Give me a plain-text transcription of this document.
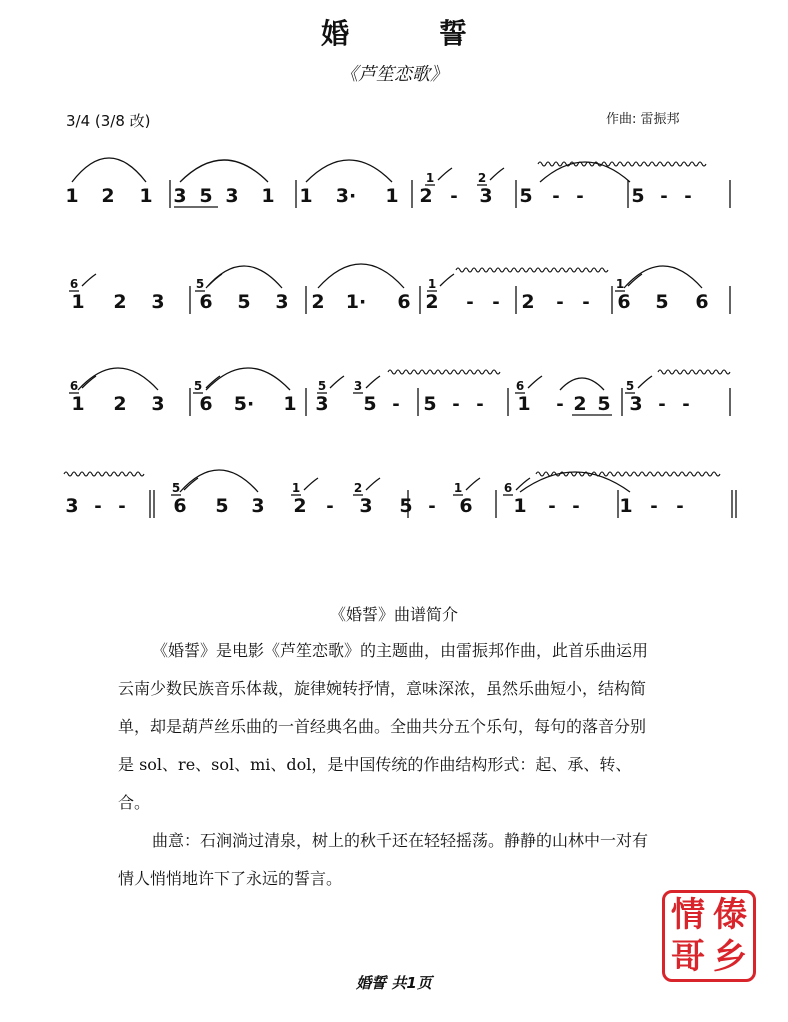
婚 誓
《芦笙恋歌》
3/4 (3/8 改)	作曲: 雷振邦
1 2 1 3 5 3 1 1 3· 1 2 - 3 5 - -	5 - -
1	2
1 2 3 6 5 3 2 1· 6 2 - - 2 - - 6 5 6
6	5	1	1
1 2 3 6 5· 1 3 5 - 5 - - 1 - 2 5 3 - -
6	5	5 3	6	5
3 - -	6 5 3 2 - 3 5 - 6 1 - - 1 - -
5	1	2	1	6
《婚誓》曲谱简介
《婚誓》是电影《芦笙恋歌》的主题曲，由雷振邦作曲，此首乐曲运用云南少数民族音乐体裁，旋律婉转抒情，意味深浓，虽然乐曲短小，结构简单，却是葫芦丝乐曲的一首经典名曲。全曲共分五个乐句，每句的落音分别是 sol、re、sol、mi、dol，是中国传统的作曲结构形式：起、承、转、合。
曲意：石涧淌过清泉，树上的秋千还在轻轻摇荡。静静的山林中一对有情人悄悄地许下了永远的誓言。
情 傣
哥 乡
婚誓 共1页
